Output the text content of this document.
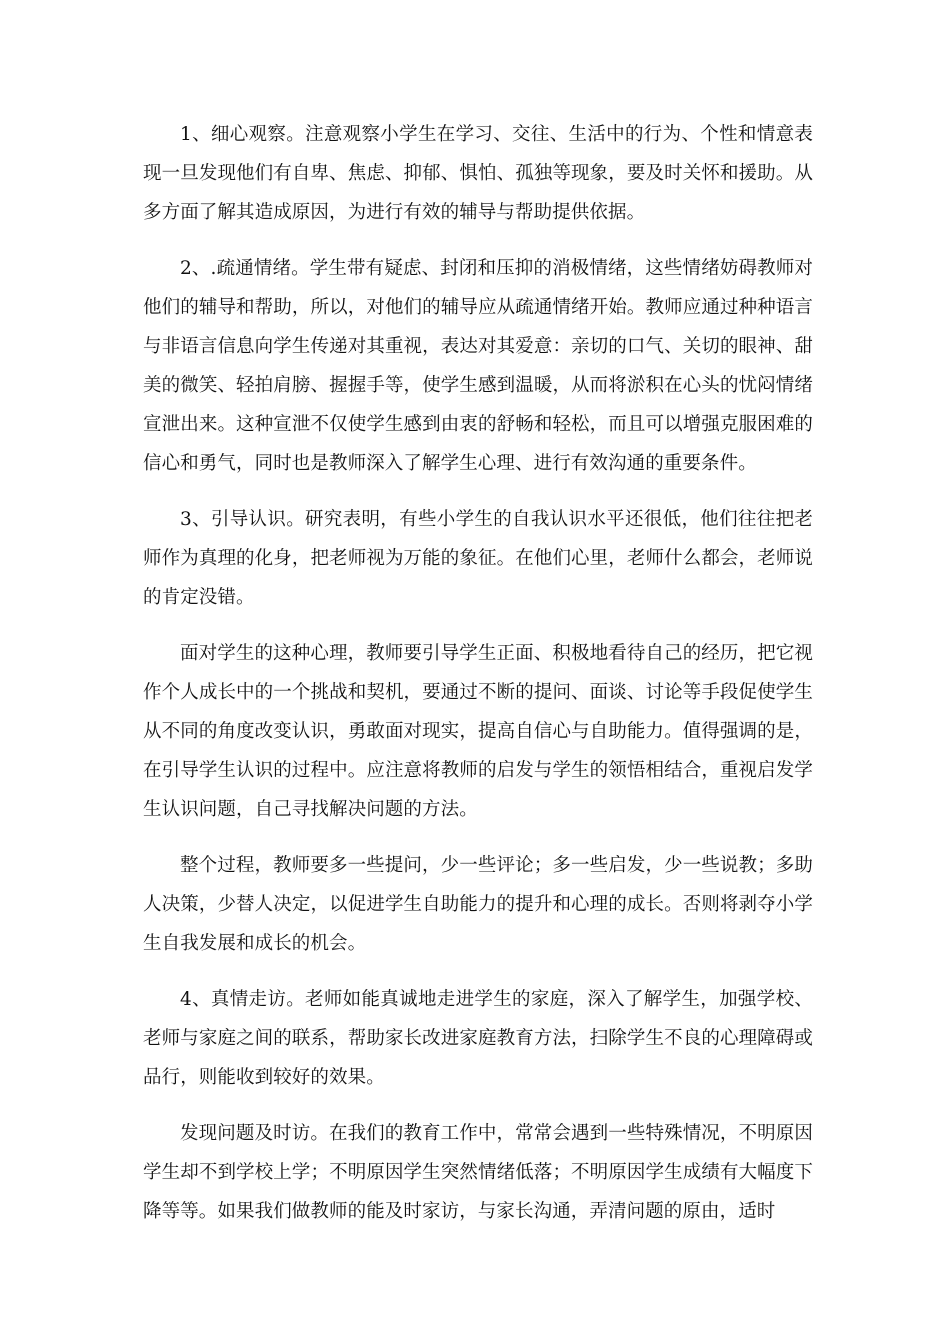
1、细心观察。注意观察小学生在学习、交往、生活中的行为、个性和情意表现一旦发现他们有自卑、焦虑、抑郁、惧怕、孤独等现象，要及时关怀和援助。从多方面了解其造成原因，为进行有效的辅导与帮助提供依据。

2、.疏通情绪。学生带有疑虑、封闭和压抑的消极情绪，这些情绪妨碍教师对他们的辅导和帮助，所以，对他们的辅导应从疏通情绪开始。教师应通过种种语言与非语言信息向学生传递对其重视，表达对其爱意：亲切的口气、关切的眼神、甜美的微笑、轻拍肩膀、握握手等，使学生感到温暖，从而将淤积在心头的忧闷情绪宣泄出来。这种宣泄不仅使学生感到由衷的舒畅和轻松，而且可以增强克服困难的信心和勇气，同时也是教师深入了解学生心理、进行有效沟通的重要条件。

3、引导认识。研究表明，有些小学生的自我认识水平还很低，他们往往把老师作为真理的化身，把老师视为万能的象征。在他们心里，老师什么都会，老师说的肯定没错。

面对学生的这种心理，教师要引导学生正面、积极地看待自己的经历，把它视作个人成长中的一个挑战和契机，要通过不断的提问、面谈、讨论等手段促使学生从不同的角度改变认识，勇敢面对现实，提高自信心与自助能力。值得强调的是，在引导学生认识的过程中。应注意将教师的启发与学生的领悟相结合，重视启发学生认识问题，自己寻找解决问题的方法。

整个过程，教师要多一些提问，少一些评论；多一些启发，少一些说教；多助人决策，少替人决定，以促进学生自助能力的提升和心理的成长。否则将剥夺小学生自我发展和成长的机会。

4、真情走访。老师如能真诚地走进学生的家庭，深入了解学生，加强学校、老师与家庭之间的联系，帮助家长改进家庭教育方法，扫除学生不良的心理障碍或品行，则能收到较好的效果。

发现问题及时访。在我们的教育工作中，常常会遇到一些特殊情况，不明原因学生却不到学校上学；不明原因学生突然情绪低落；不明原因学生成绩有大幅度下降等等。如果我们做教师的能及时家访，与家长沟通，弄清问题的原由，适时
